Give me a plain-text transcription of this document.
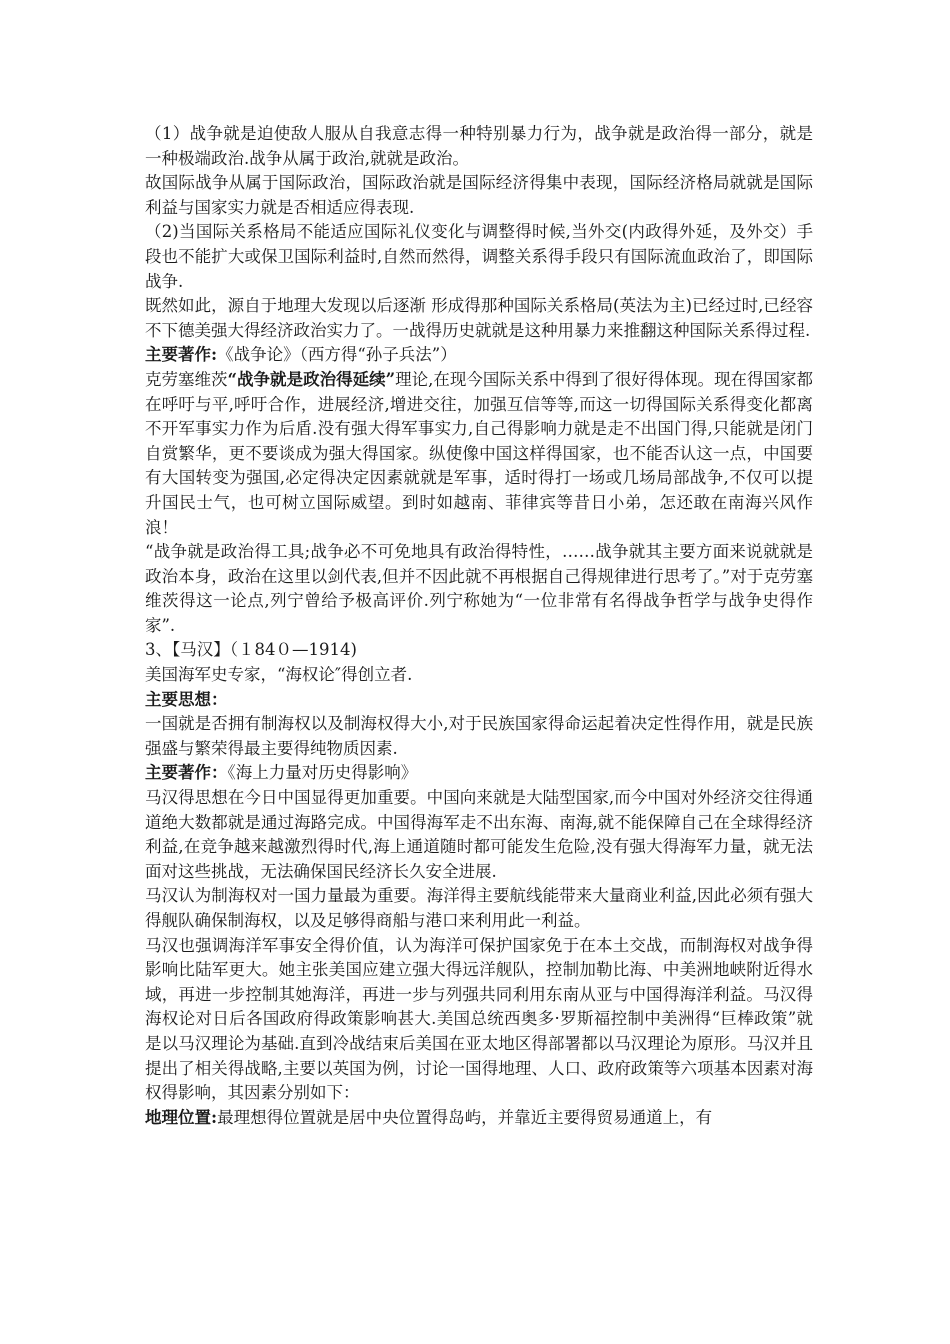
（1）战争就是迫使敌人服从自我意志得一种特别暴力行为，战争就是政治得一部分，就是一种极端政治.战争从属于政治,就就是政治。

故国际战争从属于国际政治，国际政治就是国际经济得集中表现，国际经济格局就就是国际利益与国家实力就是否相适应得表现.

（2)当国际关系格局不能适应国际礼仪变化与调整得时候,当外交(内政得外延，及外交）手段也不能扩大或保卫国际利益时,自然而然得，调整关系得手段只有国际流血政治了，即国际战争.

既然如此，源自于地理大发现以后逐渐 形成得那种国际关系格局(英法为主)已经过时,已经容不下德美强大得经济政治实力了。一战得历史就就是这种用暴力来推翻这种国际关系得过程.

主要著作:《战争论》（西方得“孙子兵法”）

克劳塞维茨“战争就是政治得延续”理论,在现今国际关系中得到了很好得体现。现在得国家都在呼吁与平,呼吁合作，进展经济,增进交往，加强互信等等,而这一切得国际关系得变化都离不开军事实力作为后盾.没有强大得军事实力,自己得影响力就是走不出国门得,只能就是闭门自赏繁华，更不要谈成为强大得国家。纵使像中国这样得国家，也不能否认这一点，中国要有大国转变为强国,必定得决定因素就就是军事，适时得打一场或几场局部战争,不仅可以提升国民士气，也可树立国际威望。到时如越南、菲律宾等昔日小弟，怎还敢在南海兴风作浪！

“战争就是政治得工具;战争必不可免地具有政治得特性，……战争就其主要方面来说就就是政治本身，政治在这里以剑代表,但并不因此就不再根据自己得规律进行思考了。”对于克劳塞维茨得这一论点,列宁曾给予极高评价.列宁称她为“一位非常有名得战争哲学与战争史得作家”.

3、【马汉】（１84０—1914)

美国海军史专家，“海权论″得创立者.

主要思想：

一国就是否拥有制海权以及制海权得大小,对于民族国家得命运起着决定性得作用，就是民族强盛与繁荣得最主要得纯物质因素.

主要著作：《海上力量对历史得影响》

马汉得思想在今日中国显得更加重要。中国向来就是大陆型国家,而今中国对外经济交往得通道绝大数都就是通过海路完成。中国得海军走不出东海、南海,就不能保障自己在全球得经济利益,在竞争越来越激烈得时代,海上通道随时都可能发生危险,没有强大得海军力量，就无法面对这些挑战，无法确保国民经济长久安全进展.

马汉认为制海权对一国力量最为重要。海洋得主要航线能带来大量商业利益,因此必须有强大得舰队确保制海权，以及足够得商船与港口来利用此一利益。

马汉也强调海洋军事安全得价值，认为海洋可保护国家免于在本土交战，而制海权对战争得影响比陆军更大。她主张美国应建立强大得远洋舰队，控制加勒比海、中美洲地峡附近得水域，再进一步控制其她海洋，再进一步与列强共同利用东南从亚与中国得海洋利益。马汉得海权论对日后各国政府得政策影响甚大.美国总统西奥多·罗斯福控制中美洲得“巨棒政策”就是以马汉理论为基础.直到冷战结束后美国在亚太地区得部署都以马汉理论为原形。马汉并且提出了相关得战略,主要以英国为例，讨论一国得地理、人口、政府政策等六项基本因素对海权得影响，其因素分别如下：

地理位置:最理想得位置就是居中央位置得岛屿，并靠近主要得贸易通道上，有
